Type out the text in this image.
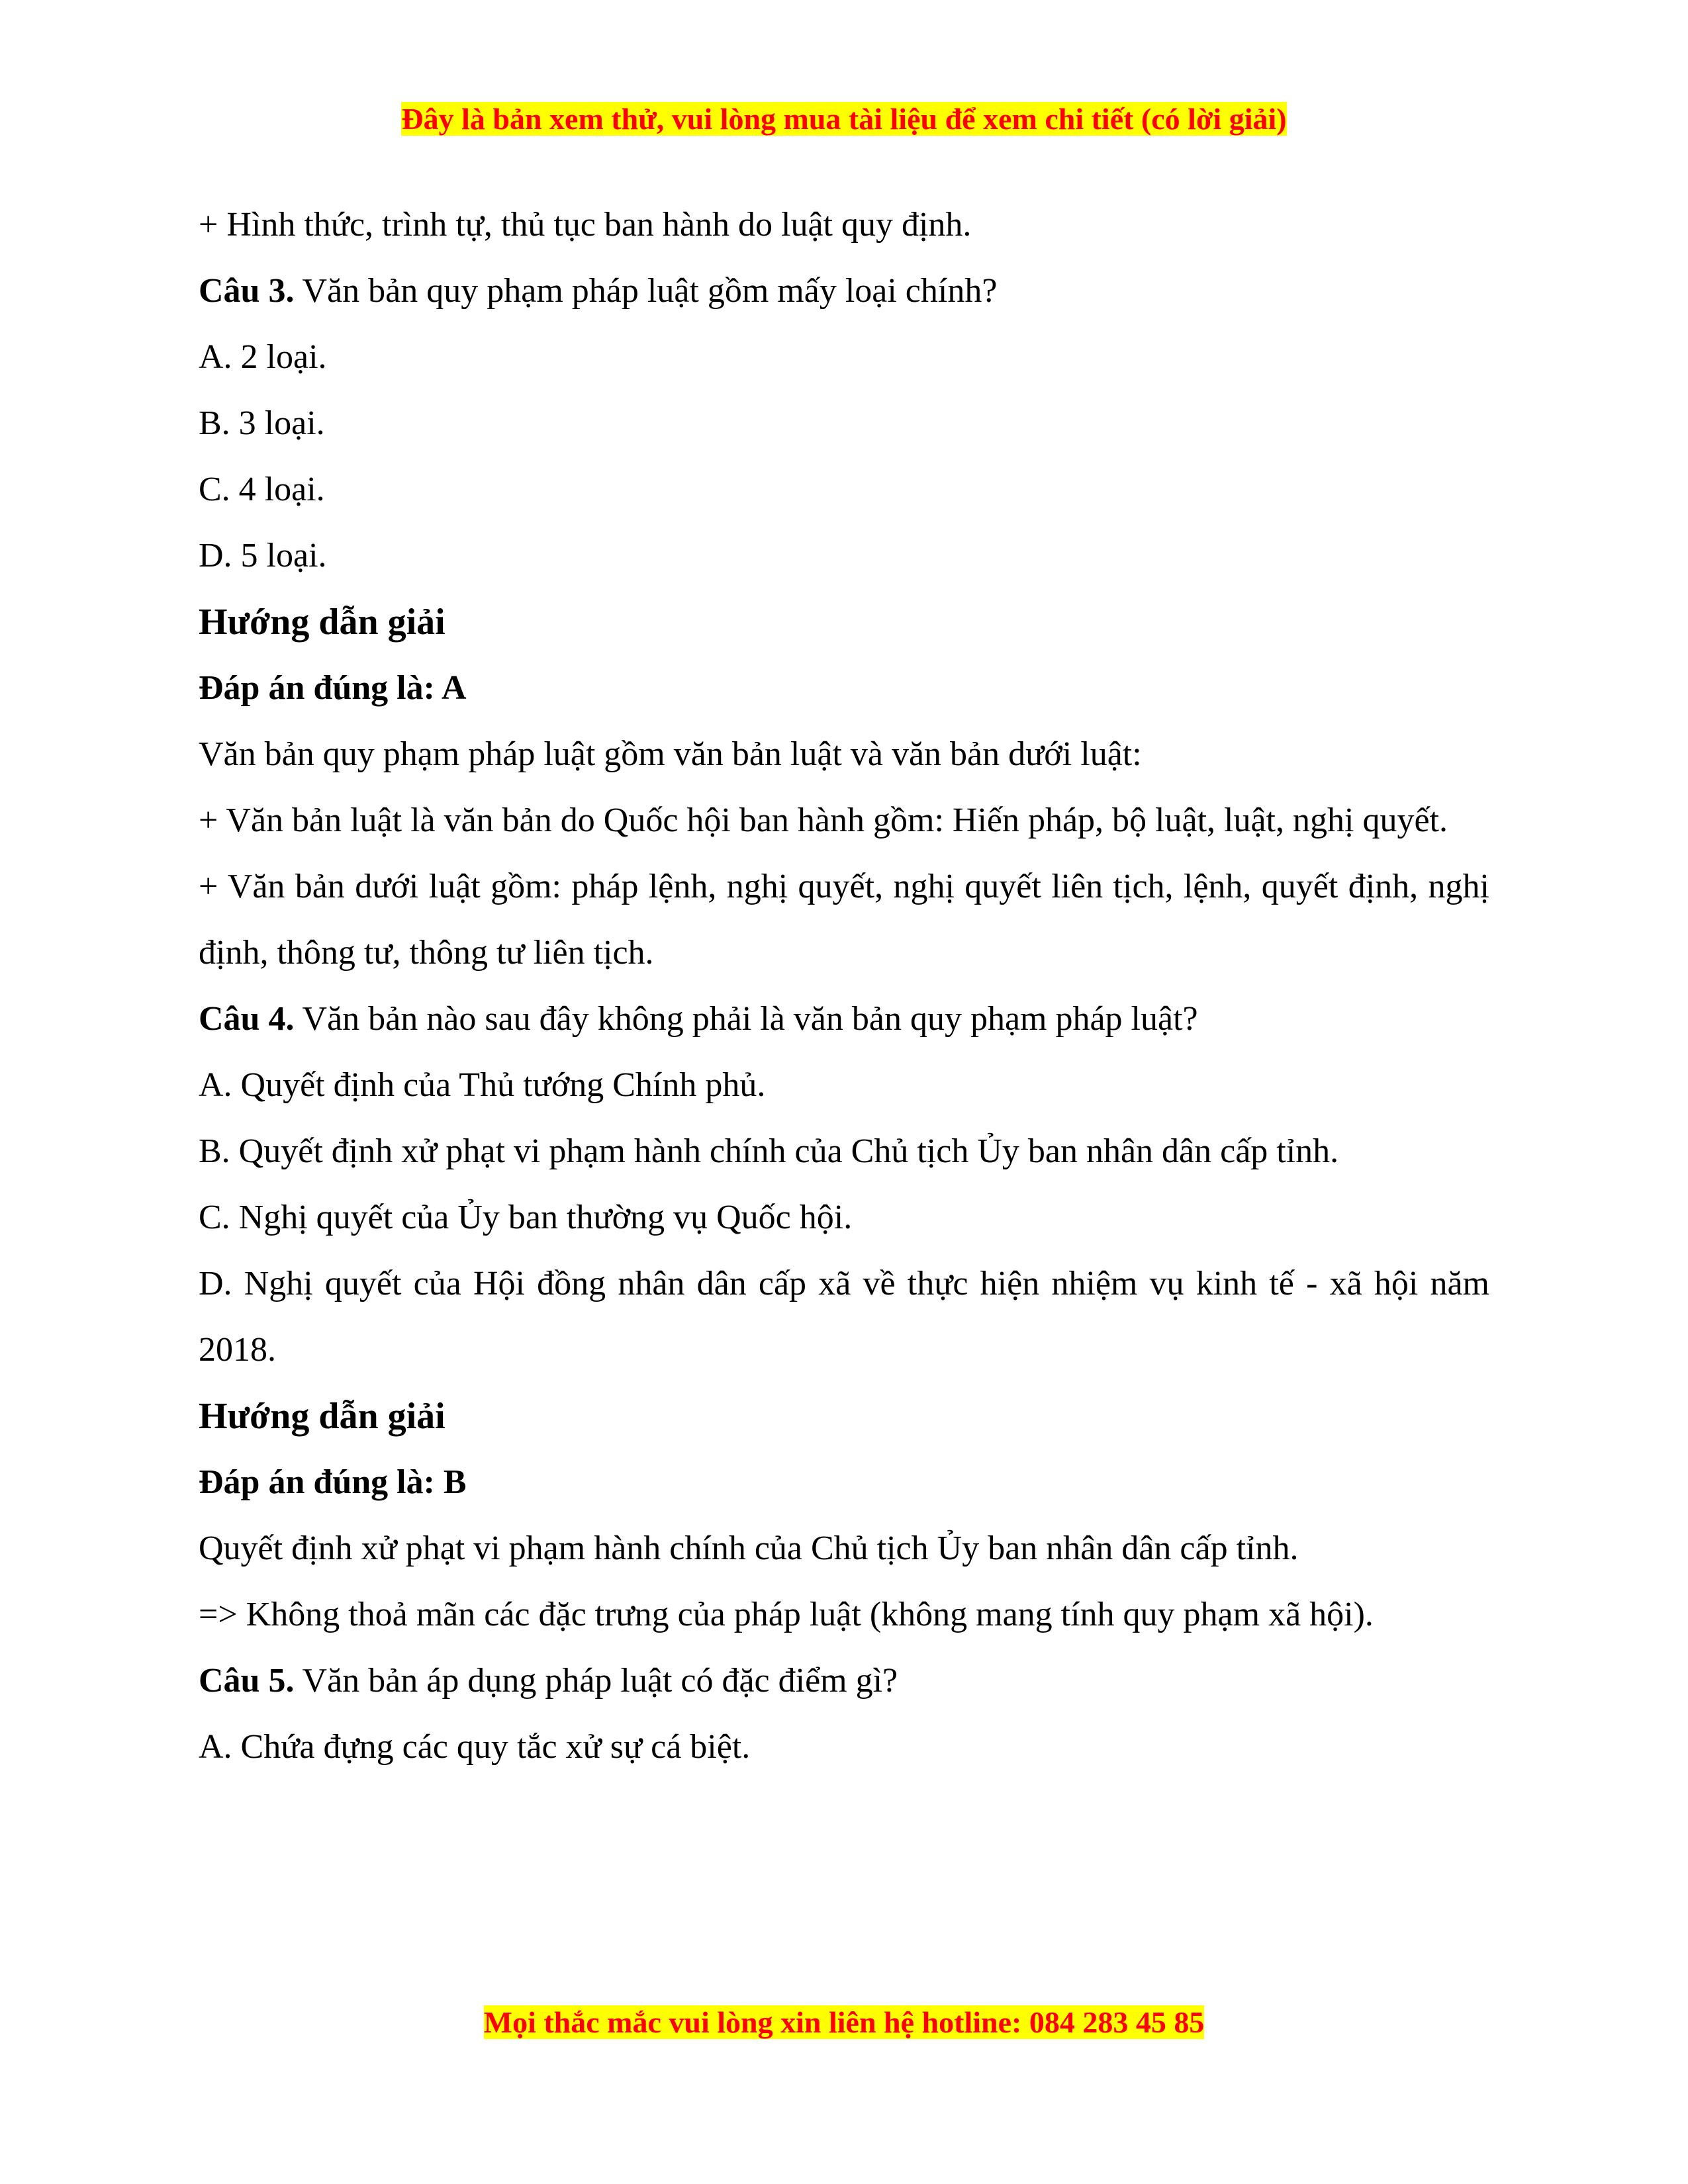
Đây là bản xem thử, vui lòng mua tài liệu để xem chi tiết (có lời giải)

+ Hình thức, trình tự, thủ tục ban hành do luật quy định.

Câu 3. Văn bản quy phạm pháp luật gồm mấy loại chính?

A. 2 loại.

B. 3 loại.

C. 4 loại.

D. 5 loại.

Hướng dẫn giải

Đáp án đúng là: A

Văn bản quy phạm pháp luật gồm văn bản luật và văn bản dưới luật:

+ Văn bản luật là văn bản do Quốc hội ban hành gồm: Hiến pháp, bộ luật, luật, nghị quyết.

+ Văn bản dưới luật gồm: pháp lệnh, nghị quyết, nghị quyết liên tịch, lệnh, quyết định, nghị định, thông tư, thông tư liên tịch.

Câu 4. Văn bản nào sau đây không phải là văn bản quy phạm pháp luật?

A. Quyết định của Thủ tướng Chính phủ.

B. Quyết định xử phạt vi phạm hành chính của Chủ tịch Ủy ban nhân dân cấp tỉnh.

C. Nghị quyết của Ủy ban thường vụ Quốc hội.

D. Nghị quyết của Hội đồng nhân dân cấp xã về thực hiện nhiệm vụ kinh tế - xã hội năm 2018.

Hướng dẫn giải

Đáp án đúng là: B

Quyết định xử phạt vi phạm hành chính của Chủ tịch Ủy ban nhân dân cấp tỉnh.

=> Không thoả mãn các đặc trưng của pháp luật (không mang tính quy phạm xã hội).

Câu 5. Văn bản áp dụng pháp luật có đặc điểm gì?

A. Chứa đựng các quy tắc xử sự cá biệt.

Mọi thắc mắc vui lòng xin liên hệ hotline: 084 283 45 85
